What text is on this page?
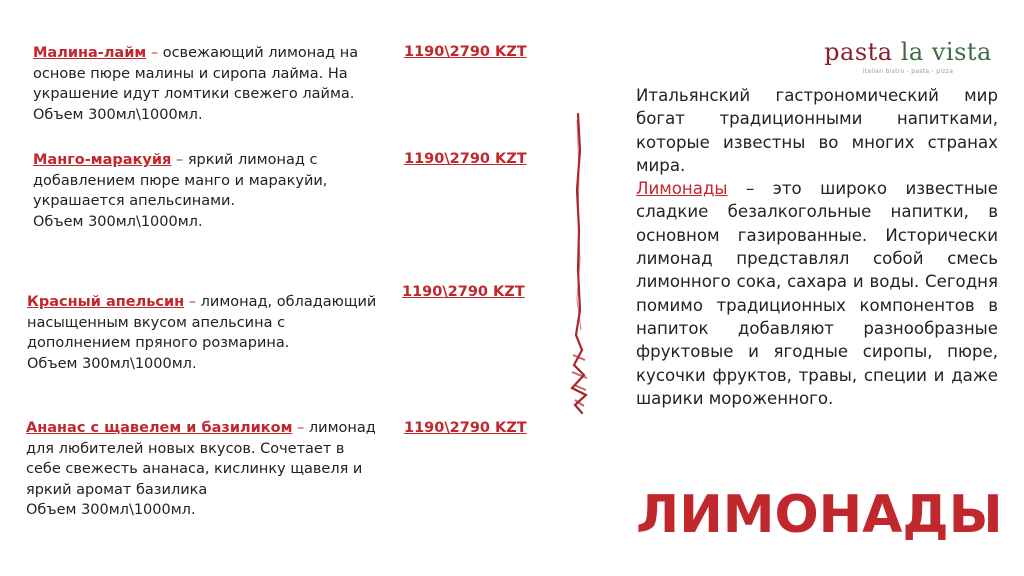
Малина-лайм – освежающий лимонад на
основе пюре малины и сиропа лайма. На
украшение идут ломтики свежего лайма.
Объем 300мл\1000мл.
1190\2790 KZT
Манго-маракуйя – яркий лимонад с
добавлением пюре манго и маракуйи,
украшается апельсинами.
Объем 300мл\1000мл.
1190\2790 KZT
Красный апельсин – лимонад, обладающий
насыщенным вкусом апельсина с
дополнением пряного розмарина.
Объем 300мл\1000мл.
1190\2790 KZT
Ананас с щавелем и базиликом – лимонад
для любителей новых вкусов. Сочетает в
себе свежесть ананаса, кислинку щавеля и
яркий аромат базилика
Объем 300мл\1000мл.
1190\2790 KZT
pasta la vista
italian bistro - pasta - pizza
Итальянский гастрономический мир богат традиционными напитками, которые известны во многих странах мира.
Лимонады – это широко известные сладкие безалкогольные напитки, в основном газированные. Исторически лимонад представлял собой смесь лимонного сока, сахара и воды. Сегодня помимо традиционных компонентов в напиток добавляют разнообразные фруктовые и ягодные сиропы, пюре, кусочки фруктов, травы, специи и даже шарики мороженного.
ЛИМОНАДЫ
